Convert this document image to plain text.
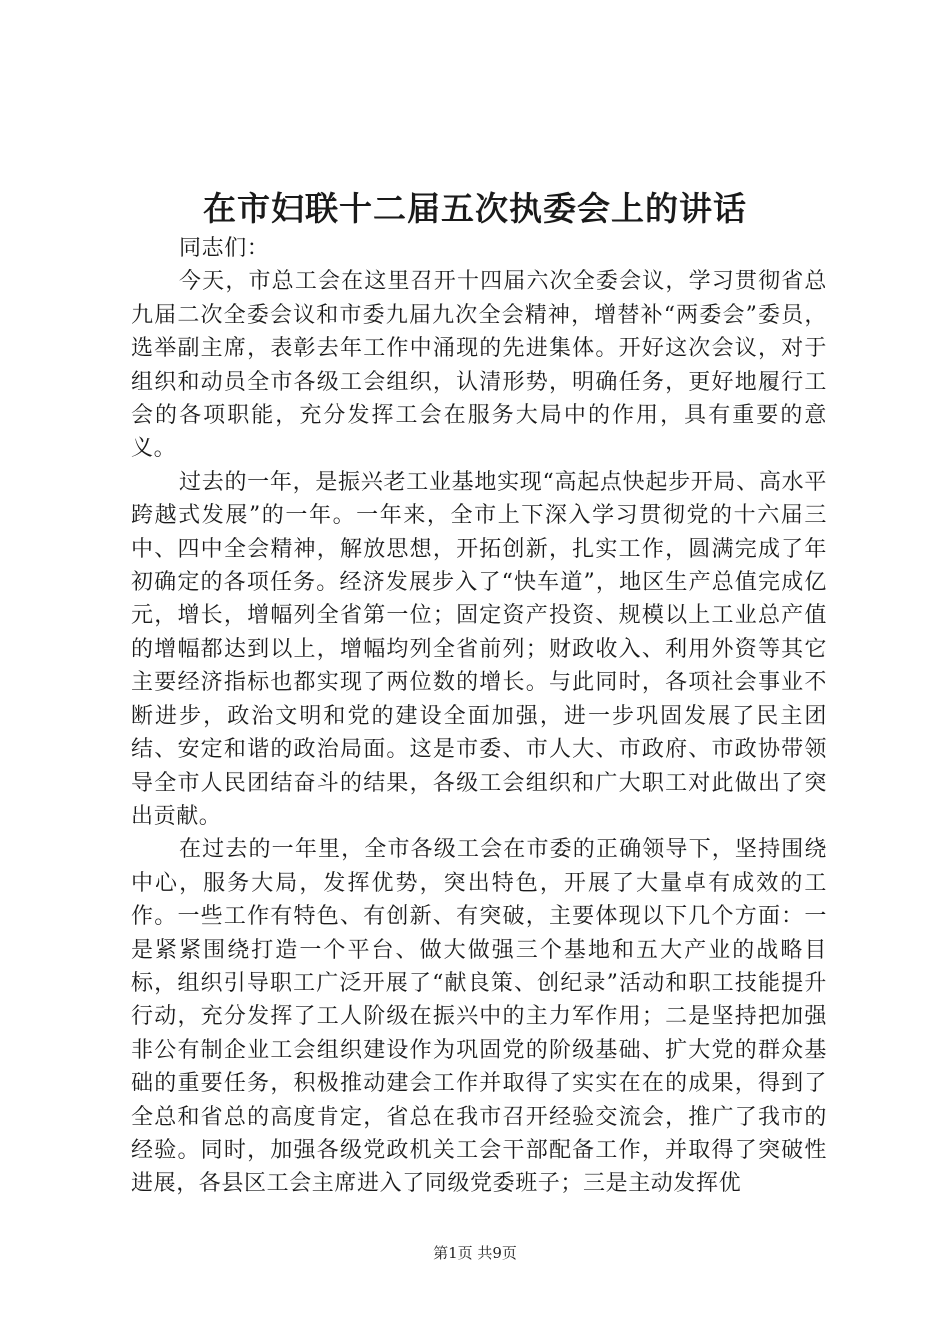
在市妇联十二届五次执委会上的讲话

同志们：

今天，市总工会在这里召开十四届六次全委会议，学习贯彻省总九届二次全委会议和市委九届九次全会精神，增替补“两委会”委员，选举副主席，表彰去年工作中涌现的先进集体。开好这次会议，对于组织和动员全市各级工会组织，认清形势，明确任务，更好地履行工会的各项职能，充分发挥工会在服务大局中的作用，具有重要的意义。

过去的一年，是振兴老工业基地实现“高起点快起步开局、高水平跨越式发展”的一年。一年来，全市上下深入学习贯彻党的十六届三中、四中全会精神，解放思想，开拓创新，扎实工作，圆满完成了年初确定的各项任务。经济发展步入了“快车道”，地区生产总值完成亿元，增长，增幅列全省第一位；固定资产投资、规模以上工业总产值的增幅都达到以上，增幅均列全省前列；财政收入、利用外资等其它主要经济指标也都实现了两位数的增长。与此同时，各项社会事业不断进步，政治文明和党的建设全面加强，进一步巩固发展了民主团结、安定和谐的政治局面。这是市委、市人大、市政府、市政协带领导全市人民团结奋斗的结果，各级工会组织和广大职工对此做出了突出贡献。

在过去的一年里，全市各级工会在市委的正确领导下，坚持围绕中心，服务大局，发挥优势，突出特色，开展了大量卓有成效的工作。一些工作有特色、有创新、有突破，主要体现以下几个方面：一是紧紧围绕打造一个平台、做大做强三个基地和五大产业的战略目标，组织引导职工广泛开展了“献良策、创纪录”活动和职工技能提升行动，充分发挥了工人阶级在振兴中的主力军作用；二是坚持把加强非公有制企业工会组织建设作为巩固党的阶级基础、扩大党的群众基础的重要任务，积极推动建会工作并取得了实实在在的成果，得到了全总和省总的高度肯定，省总在我市召开经验交流会，推广了我市的经验。同时，加强各级党政机关工会干部配备工作，并取得了突破性进展，各县区工会主席进入了同级党委班子；三是主动发挥优

第1页 共9页
